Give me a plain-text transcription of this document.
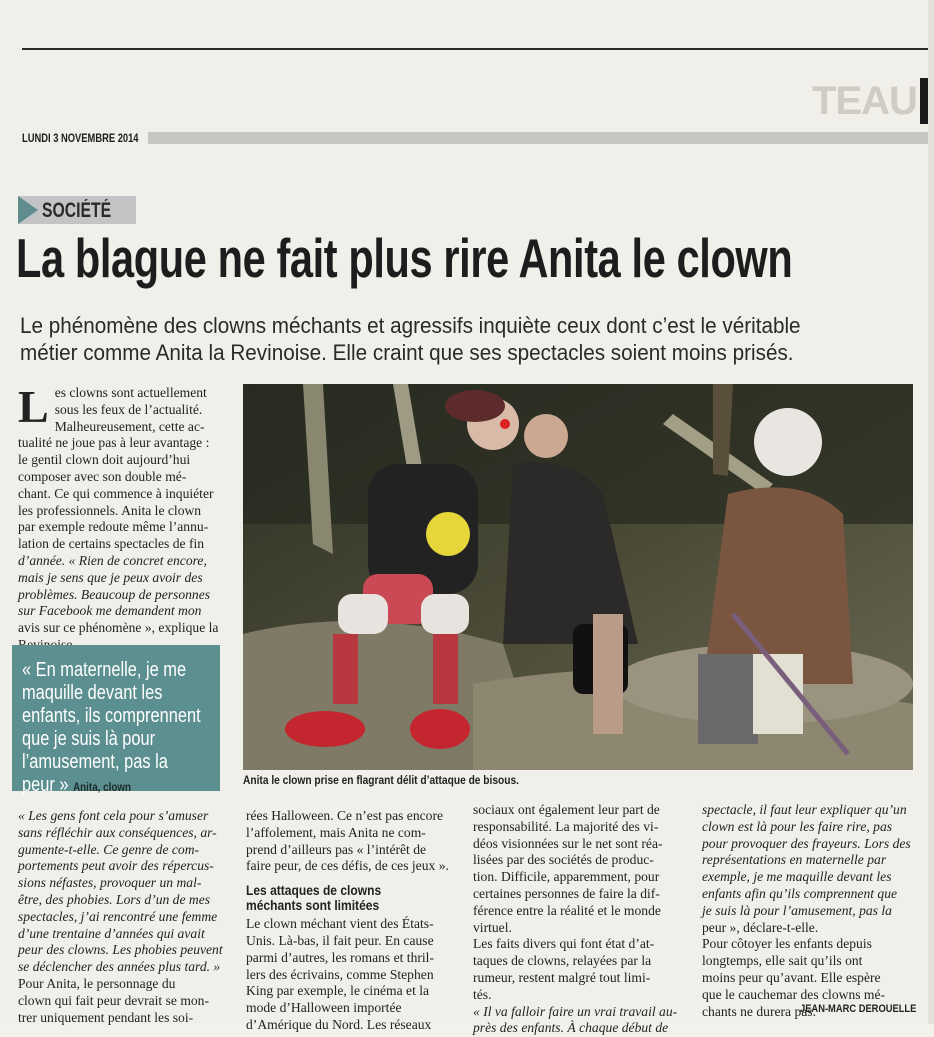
TEAU
LUNDI 3 NOVEMBRE 2014
SOCIÉTÉ
La blague ne fait plus rire Anita le clown
Le phénomène des clowns méchants et agressifs inquiète ceux dont c’est le véritable
métier comme Anita la Revinoise. Elle craint que ses spectacles soient moins prisés.
L es clowns sont actuellement
sous les feux de l’actualité.
Malheureusement, cette ac-
tualité ne joue pas à leur avantage :
le gentil clown doit aujourd’hui
composer avec son double mé-
chant. Ce qui commence à inquiéter
les professionnels. Anita le clown
par exemple redoute même l’annu-
lation de certains spectacles de fin
d’année. « Rien de concret encore,
mais je sens que je peux avoir des
problèmes. Beaucoup de personnes
sur Facebook me demandent mon
avis sur ce phénomène », explique la
« En maternelle, je me
maquille devant les
enfants, ils comprennent
que je suis là pour
l’amusement, pas la
peur » Anita, clown	Anita le clown prise en flagrant délit d’attaque de bisous.
« Les gens font cela pour s’amuser
sans réfléchir aux conséquences, ar-
gumente-t-elle. Ce genre de com-
portements peut avoir des répercus-
sions néfastes, provoquer un mal-
être, des phobies. Lors d’un de mes
spectacles, j’ai rencontré une femme
d’une trentaine d’années qui avait
peur des clowns. Les phobies peuvent
se déclencher des années plus tard. »
Pour Anita, le personnage du
clown qui fait peur devrait se mon-
trer uniquement pendant les soi-
rées Halloween. Ce n’est pas encore
l’affolement, mais Anita ne com-
prend d’ailleurs pas « l’intérêt de
faire peur, de ces défis, de ces jeux ».
Les attaques de clowns
méchants sont limitées
Le clown méchant vient des États-
Unis. Là-bas, il fait peur. En cause
parmi d’autres, les romans et thril-
lers des écrivains, comme Stephen
King par exemple, le cinéma et la
mode d’Halloween importée
d’Amérique du Nord. Les réseaux
sociaux ont également leur part de
responsabilité. La majorité des vi-
déos visionnées sur le net sont réa-
lisées par des sociétés de produc-
tion. Difficile, apparemment, pour
certaines personnes de faire la dif-
férence entre la réalité et le monde
virtuel.
Les faits divers qui font état d’at-
taques de clowns, relayées par la
rumeur, restent malgré tout limi-
tés.
« Il va falloir faire un vrai travail au-
près des enfants. À chaque début de
spectacle, il faut leur expliquer qu’un
clown est là pour les faire rire, pas
pour provoquer des frayeurs. Lors des
représentations en maternelle par
exemple, je me maquille devant les
enfants afin qu’ils comprennent que
je suis là pour l’amusement, pas la
peur », déclare-t-elle.
Pour côtoyer les enfants depuis
longtemps, elle sait qu’ils ont
moins peur qu’avant. Elle espère
que le cauchemar des clowns mé-
chants ne durera pas.
JEAN-MARC DEROUELLE
